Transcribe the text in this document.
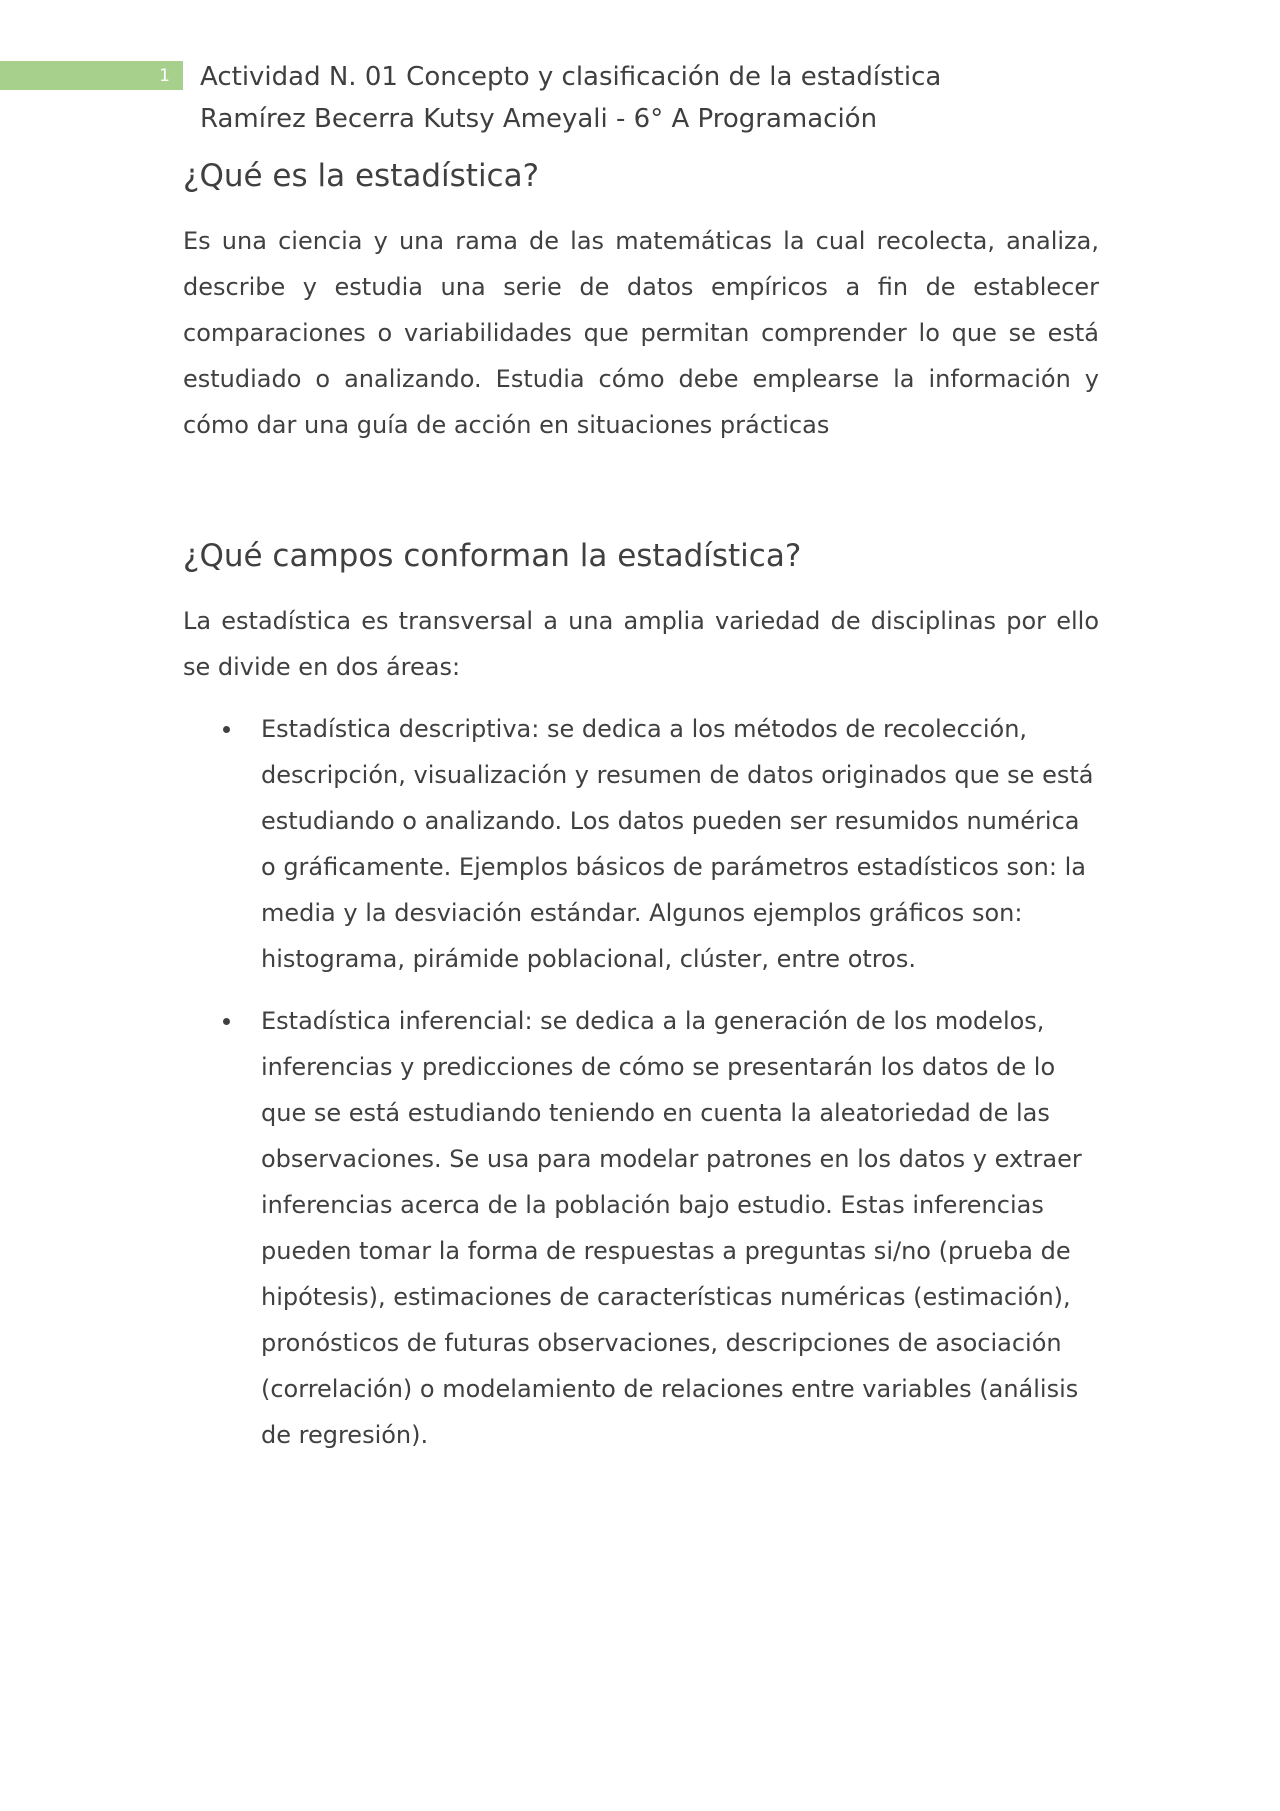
1 Actividad N. 01 Concepto y clasificación de la estadística
Ramírez Becerra Kutsy Ameyali - 6° A Programación
¿Qué es la estadística?

Es una ciencia y una rama de las matemáticas la cual recolecta, analiza, describe y estudia una serie de datos empíricos a fin de establecer comparaciones o variabilidades que permitan comprender lo que se está estudiado o analizando. Estudia cómo debe emplearse la información y cómo dar una guía de acción en situaciones prácticas

¿Qué campos conforman la estadística?

La estadística es transversal a una amplia variedad de disciplinas por ello se divide en dos áreas:

Estadística descriptiva: se dedica a los métodos de recolección, descripción, visualización y resumen de datos originados que se está estudiando o analizando. Los datos pueden ser resumidos numérica o gráficamente. Ejemplos básicos de parámetros estadísticos son: la media y la desviación estándar. Algunos ejemplos gráficos son: histograma, pirámide poblacional, clúster, entre otros.
Estadística inferencial: se dedica a la generación de los modelos, inferencias y predicciones de cómo se presentarán los datos de lo que se está estudiando teniendo en cuenta la aleatoriedad de las observaciones. Se usa para modelar patrones en los datos y extraer inferencias acerca de la población bajo estudio. Estas inferencias pueden tomar la forma de respuestas a preguntas si/no (prueba de hipótesis), estimaciones de características numéricas (estimación), pronósticos de futuras observaciones, descripciones de asociación (correlación) o modelamiento de relaciones entre variables (análisis de regresión).
